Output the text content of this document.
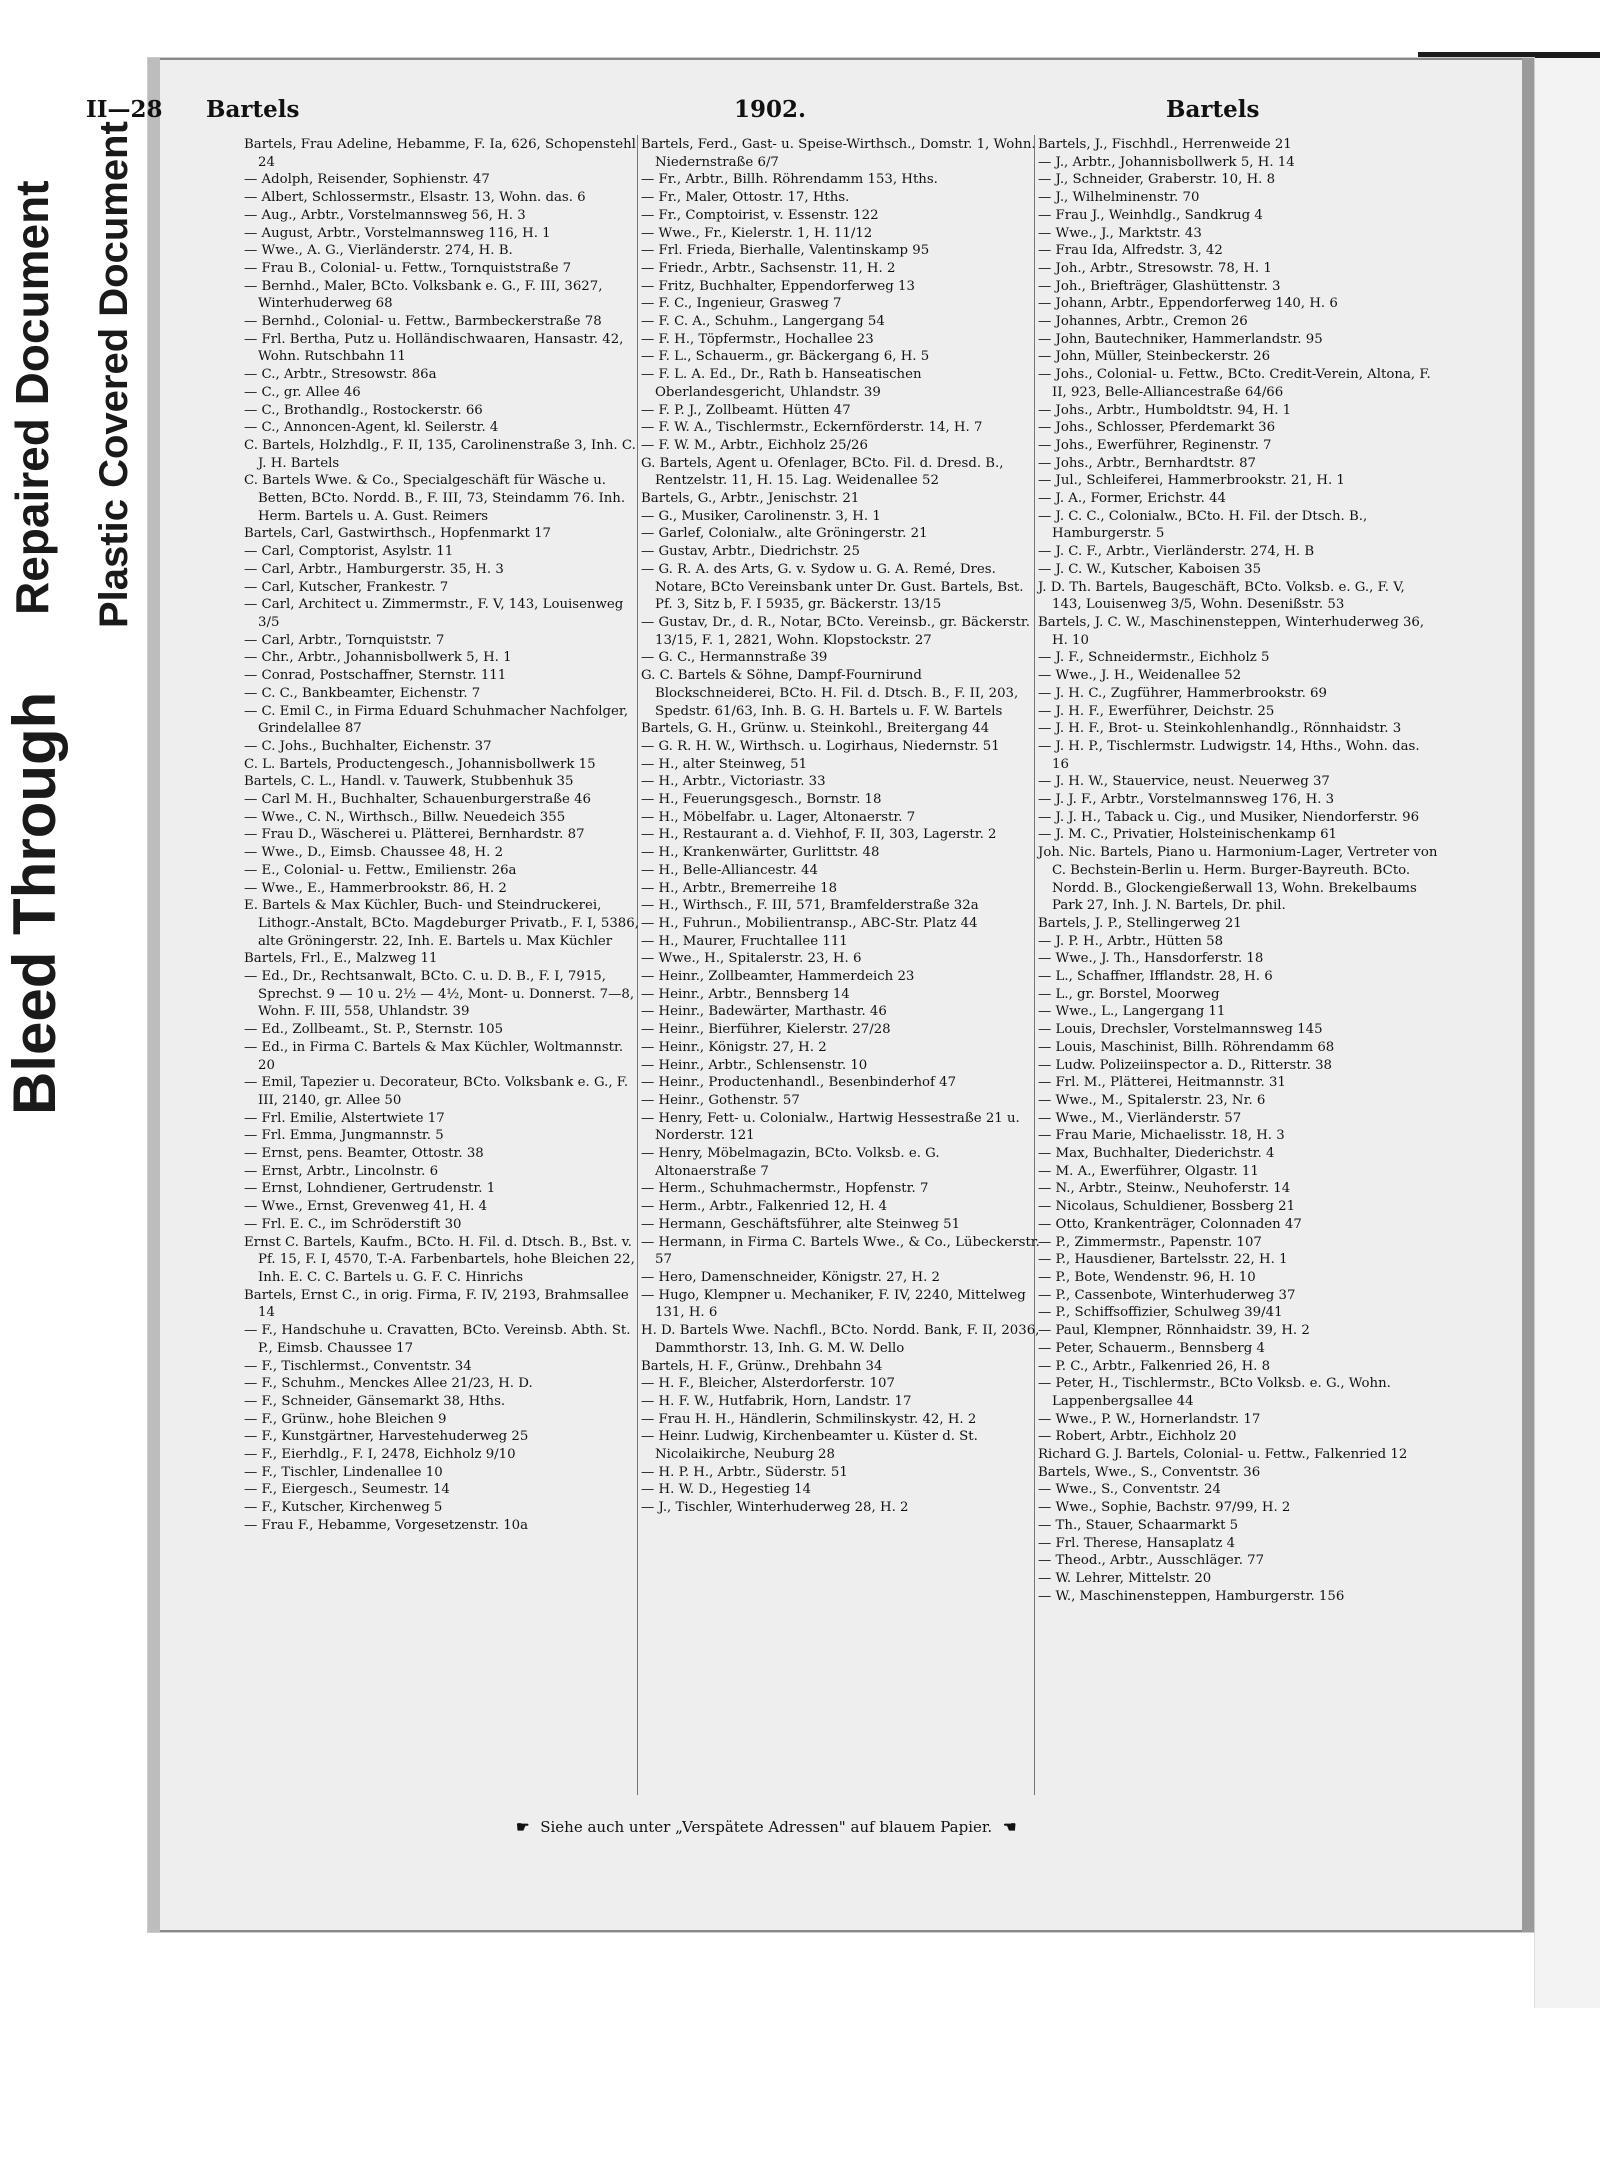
Bleed Through
Repaired Document Plastic Covered Document
II—28 Bartels	1902.	Bartels

Bartels, Frau Adeline, Hebamme, F. Ia, 626, Schopenstehl 24

— Adolph, Reisender, Sophienstr. 47

— Albert, Schlossermstr., Elsastr. 13, Wohn. das. 6

— Aug., Arbtr., Vorstelmannsweg 56, H. 3

— August, Arbtr., Vorstelmannsweg 116, H. 1

— Wwe., A. G., Vierländerstr. 274, H. B.

— Frau B., Colonial- u. Fettw., Tornquiststraße 7

— Bernhd., Maler, BCto. Volksbank e. G., F. III, 3627, Winterhuderweg 68

— Bernhd., Colonial- u. Fettw., Barmbeckerstraße 78

— Frl. Bertha, Putz u. Holländischwaaren, Hansastr. 42, Wohn. Rutschbahn 11

— C., Arbtr., Stresowstr. 86a

— C., gr. Allee 46

— C., Brothandlg., Rostockerstr. 66

— C., Annoncen-Agent, kl. Seilerstr. 4

C. Bartels, Holzhdlg., F. II, 135, Carolinenstraße 3, Inh. C. J. H. Bartels

C. Bartels Wwe. & Co., Specialgeschäft für Wäsche u. Betten, BCto. Nordd. B., F. III, 73, Steindamm 76. Inh. Herm. Bartels u. A. Gust. Reimers

Bartels, Carl, Gastwirthsch., Hopfenmarkt 17

— Carl, Comptorist, Asylstr. 11

— Carl, Arbtr., Hamburgerstr. 35, H. 3

— Carl, Kutscher, Frankestr. 7

— Carl, Architect u. Zimmermstr., F. V, 143, Louisenweg 3/5

— Carl, Arbtr., Tornquiststr. 7

— Chr., Arbtr., Johannisbollwerk 5, H. 1

— Conrad, Postschaffner, Sternstr. 111

— C. C., Bankbeamter, Eichenstr. 7

— C. Emil C., in Firma Eduard Schuhmacher Nachfolger, Grindelallee 87

— C. Johs., Buchhalter, Eichenstr. 37

C. L. Bartels, Productengesch., Johannisbollwerk 15

Bartels, C. L., Handl. v. Tauwerk, Stubbenhuk 35

— Carl M. H., Buchhalter, Schauenburgerstraße 46

— Wwe., C. N., Wirthsch., Billw. Neuedeich 355

— Frau D., Wäscherei u. Plätterei, Bernhardstr. 87

— Wwe., D., Eimsb. Chaussee 48, H. 2

— E., Colonial- u. Fettw., Emilienstr. 26a

— Wwe., E., Hammerbrookstr. 86, H. 2

E. Bartels & Max Küchler, Buch- und Steindruckerei, Lithogr.-Anstalt, BCto. Magdeburger Privatb., F. I, 5386, alte Gröningerstr. 22, Inh. E. Bartels u. Max Küchler

Bartels, Frl., E., Malzweg 11

— Ed., Dr., Rechtsanwalt, BCto. C. u. D. B., F. I, 7915, Sprechst. 9 — 10 u. 2½ — 4½, Mont- u. Donnerst. 7—8, Wohn. F. III, 558, Uhlandstr. 39

— Ed., Zollbeamt., St. P., Sternstr. 105

— Ed., in Firma C. Bartels & Max Küchler, Woltmannstr. 20

— Emil, Tapezier u. Decorateur, BCto. Volksbank e. G., F. III, 2140, gr. Allee 50

— Frl. Emilie, Alstertwiete 17

— Frl. Emma, Jungmannstr. 5

— Ernst, pens. Beamter, Ottostr. 38

— Ernst, Arbtr., Lincolnstr. 6

— Ernst, Lohndiener, Gertrudenstr. 1

— Wwe., Ernst, Grevenweg 41, H. 4

— Frl. E. C., im Schröderstift 30

Ernst C. Bartels, Kaufm., BCto. H. Fil. d. Dtsch. B., Bst. v. Pf. 15, F. I, 4570, T.-A. Farbenbartels, hohe Bleichen 22, Inh. E. C. C. Bartels u. G. F. C. Hinrichs

Bartels, Ernst C., in orig. Firma, F. IV, 2193, Brahmsallee 14

— F., Handschuhe u. Cravatten, BCto. Vereinsb. Abth. St. P., Eimsb. Chaussee 17

— F., Tischlermst., Conventstr. 34

— F., Schuhm., Menckes Allee 21/23, H. D.

— F., Schneider, Gänsemarkt 38, Hths.

— F., Grünw., hohe Bleichen 9

— F., Kunstgärtner, Harvestehuderweg 25

— F., Eierhdlg., F. I, 2478, Eichholz 9/10

— F., Tischler, Lindenallee 10

— F., Eiergesch., Seumestr. 14

— F., Kutscher, Kirchenweg 5

— Frau F., Hebamme, Vorgesetzenstr. 10a

Bartels, Ferd., Gast- u. Speise-Wirthsch., Domstr. 1, Wohn. Niedernstraße 6/7

— Fr., Arbtr., Billh. Röhrendamm 153, Hths.

— Fr., Maler, Ottostr. 17, Hths.

— Fr., Comptoirist, v. Essenstr. 122

— Wwe., Fr., Kielerstr. 1, H. 11/12

— Frl. Frieda, Bierhalle, Valentinskamp 95

— Friedr., Arbtr., Sachsenstr. 11, H. 2

— Fritz, Buchhalter, Eppendorferweg 13

— F. C., Ingenieur, Grasweg 7

— F. C. A., Schuhm., Langergang 54

— F. H., Töpfermstr., Hochallee 23

— F. L., Schauerm., gr. Bäckergang 6, H. 5

— F. L. A. Ed., Dr., Rath b. Hanseatischen Oberlandesgericht, Uhlandstr. 39

— F. P. J., Zollbeamt. Hütten 47

— F. W. A., Tischlermstr., Eckernförderstr. 14, H. 7

— F. W. M., Arbtr., Eichholz 25/26

G. Bartels, Agent u. Ofenlager, BCto. Fil. d. Dresd. B., Rentzelstr. 11, H. 15. Lag. Weidenallee 52

Bartels, G., Arbtr., Jenischstr. 21

— G., Musiker, Carolinenstr. 3, H. 1

— Garlef, Colonialw., alte Gröningerstr. 21

— Gustav, Arbtr., Diedrichstr. 25

— G. R. A. des Arts, G. v. Sydow u. G. A. Remé, Dres. Notare, BCto Vereinsbank unter Dr. Gust. Bartels, Bst. Pf. 3, Sitz b, F. I 5935, gr. Bäckerstr. 13/15

— Gustav, Dr., d. R., Notar, BCto. Vereinsb., gr. Bäckerstr. 13/15, F. 1, 2821, Wohn. Klopstockstr. 27

— G. C., Hermannstraße 39

G. C. Bartels & Söhne, Dampf-Fournirund Blockschneiderei, BCto. H. Fil. d. Dtsch. B., F. II, 203, Spedstr. 61/63, Inh. B. G. H. Bartels u. F. W. Bartels

Bartels, G. H., Grünw. u. Steinkohl., Breitergang 44

— G. R. H. W., Wirthsch. u. Logirhaus, Niedernstr. 51

— H., alter Steinweg, 51

— H., Arbtr., Victoriastr. 33

— H., Feuerungsgesch., Bornstr. 18

— H., Möbelfabr. u. Lager, Altonaerstr. 7

— H., Restaurant a. d. Viehhof, F. II, 303, Lagerstr. 2

— H., Krankenwärter, Gurlittstr. 48

— H., Belle-Alliancestr. 44

— H., Arbtr., Bremerreihe 18

— H., Wirthsch., F. III, 571, Bramfelderstraße 32a

— H., Fuhrun., Mobilientransp., ABC-Str. Platz 44

— H., Maurer, Fruchtallee 111

— Wwe., H., Spitalerstr. 23, H. 6

— Heinr., Zollbeamter, Hammerdeich 23

— Heinr., Arbtr., Bennsberg 14

— Heinr., Badewärter, Marthastr. 46

— Heinr., Bierführer, Kielerstr. 27/28

— Heinr., Königstr. 27, H. 2

— Heinr., Arbtr., Schlensenstr. 10

— Heinr., Productenhandl., Besenbinderhof 47

— Heinr., Gothenstr. 57

— Henry, Fett- u. Colonialw., Hartwig Hessestraße 21 u. Norderstr. 121

— Henry, Möbelmagazin, BCto. Volksb. e. G. Altonaerstraße 7

— Herm., Schuhmachermstr., Hopfenstr. 7

— Herm., Arbtr., Falkenried 12, H. 4

— Hermann, Geschäftsführer, alte Steinweg 51

— Hermann, in Firma C. Bartels Wwe., & Co., Lübeckerstr. 57

— Hero, Damenschneider, Königstr. 27, H. 2

— Hugo, Klempner u. Mechaniker, F. IV, 2240, Mittelweg 131, H. 6

H. D. Bartels Wwe. Nachfl., BCto. Nordd. Bank, F. II, 2036, Dammthorstr. 13, Inh. G. M. W. Dello

Bartels, H. F., Grünw., Drehbahn 34

— H. F., Bleicher, Alsterdorferstr. 107

— H. F. W., Hutfabrik, Horn, Landstr. 17

— Frau H. H., Händlerin, Schmilinskystr. 42, H. 2

— Heinr. Ludwig, Kirchenbeamter u. Küster d. St. Nicolaikirche, Neuburg 28

— H. P. H., Arbtr., Süderstr. 51

— H. W. D., Hegestieg 14

— J., Tischler, Winterhuderweg 28, H. 2

Bartels, J., Fischhdl., Herrenweide 21

— J., Arbtr., Johannisbollwerk 5, H. 14

— J., Schneider, Graberstr. 10, H. 8

— J., Wilhelminenstr. 70

— Frau J., Weinhdlg., Sandkrug 4

— Wwe., J., Marktstr. 43

— Frau Ida, Alfredstr. 3, 42

— Joh., Arbtr., Stresowstr. 78, H. 1

— Joh., Briefträger, Glashüttenstr. 3

— Johann, Arbtr., Eppendorferweg 140, H. 6

— Johannes, Arbtr., Cremon 26

— John, Bautechniker, Hammerlandstr. 95

— John, Müller, Steinbeckerstr. 26

— Johs., Colonial- u. Fettw., BCto. Credit-Verein, Altona, F. II, 923, Belle-Alliancestraße 64/66

— Johs., Arbtr., Humboldtstr. 94, H. 1

— Johs., Schlosser, Pferdemarkt 36

— Johs., Ewerführer, Reginenstr. 7

— Johs., Arbtr., Bernhardtstr. 87

— Jul., Schleiferei, Hammerbrookstr. 21, H. 1

— J. A., Former, Erichstr. 44

— J. C. C., Colonialw., BCto. H. Fil. der Dtsch. B., Hamburgerstr. 5

— J. C. F., Arbtr., Vierländerstr. 274, H. B

— J. C. W., Kutscher, Kaboisen 35

J. D. Th. Bartels, Baugeschäft, BCto. Volksb. e. G., F. V, 143, Louisenweg 3/5, Wohn. Desenißstr. 53

Bartels, J. C. W., Maschinensteppen, Winterhuderweg 36, H. 10

— J. F., Schneidermstr., Eichholz 5

— Wwe., J. H., Weidenallee 52

— J. H. C., Zugführer, Hammerbrookstr. 69

— J. H. F., Ewerführer, Deichstr. 25

— J. H. F., Brot- u. Steinkohlenhandlg., Rönnhaidstr. 3

— J. H. P., Tischlermstr. Ludwigstr. 14, Hths., Wohn. das. 16

— J. H. W., Stauervice, neust. Neuerweg 37

— J. J. F., Arbtr., Vorstelmannsweg 176, H. 3

— J. J. H., Taback u. Cig., und Musiker, Niendorferstr. 96

— J. M. C., Privatier, Holsteinischenkamp 61

Joh. Nic. Bartels, Piano u. Harmonium-Lager, Vertreter von C. Bechstein-Berlin u. Herm. Burger-Bayreuth. BCto. Nordd. B., Glockengießerwall 13, Wohn. Brekelbaums Park 27, Inh. J. N. Bartels, Dr. phil.

Bartels, J. P., Stellingerweg 21

— J. P. H., Arbtr., Hütten 58

— Wwe., J. Th., Hansdorferstr. 18

— L., Schaffner, Ifflandstr. 28, H. 6

— L., gr. Borstel, Moorweg

— Wwe., L., Langergang 11

— Louis, Drechsler, Vorstelmannsweg 145

— Louis, Maschinist, Billh. Röhrendamm 68

— Ludw. Polizeiinspector a. D., Ritterstr. 38

— Frl. M., Plätterei, Heitmannstr. 31

— Wwe., M., Spitalerstr. 23, Nr. 6

— Wwe., M., Vierländerstr. 57

— Frau Marie, Michaelisstr. 18, H. 3

— Max, Buchhalter, Diederichstr. 4

— M. A., Ewerführer, Olgastr. 11

— N., Arbtr., Steinw., Neuhoferstr. 14

— Nicolaus, Schuldiener, Bossberg 21

— Otto, Krankenträger, Colonnaden 47

— P., Zimmermstr., Papenstr. 107

— P., Hausdiener, Bartelsstr. 22, H. 1

— P., Bote, Wendenstr. 96, H. 10

— P., Cassenbote, Winterhuderweg 37

— P., Schiffsoffizier, Schulweg 39/41

— Paul, Klempner, Rönnhaidstr. 39, H. 2

— Peter, Schauerm., Bennsberg 4

— P. C., Arbtr., Falkenried 26, H. 8

— Peter, H., Tischlermstr., BCto Volksb. e. G., Wohn. Lappenbergsallee 44

— Wwe., P. W., Hornerlandstr. 17

— Robert, Arbtr., Eichholz 20

Richard G. J. Bartels, Colonial- u. Fettw., Falkenried 12

Bartels, Wwe., S., Conventstr. 36

— Wwe., S., Conventstr. 24

— Wwe., Sophie, Bachstr. 97/99, H. 2

— Th., Stauer, Schaarmarkt 5

— Frl. Therese, Hansaplatz 4

— Theod., Arbtr., Ausschläger. 77

— W. Lehrer, Mittelstr. 20

— W., Maschinensteppen, Hamburgerstr. 156

☛ Siehe auch unter „Verspätete Adressen" auf blauem Papier. ☚
